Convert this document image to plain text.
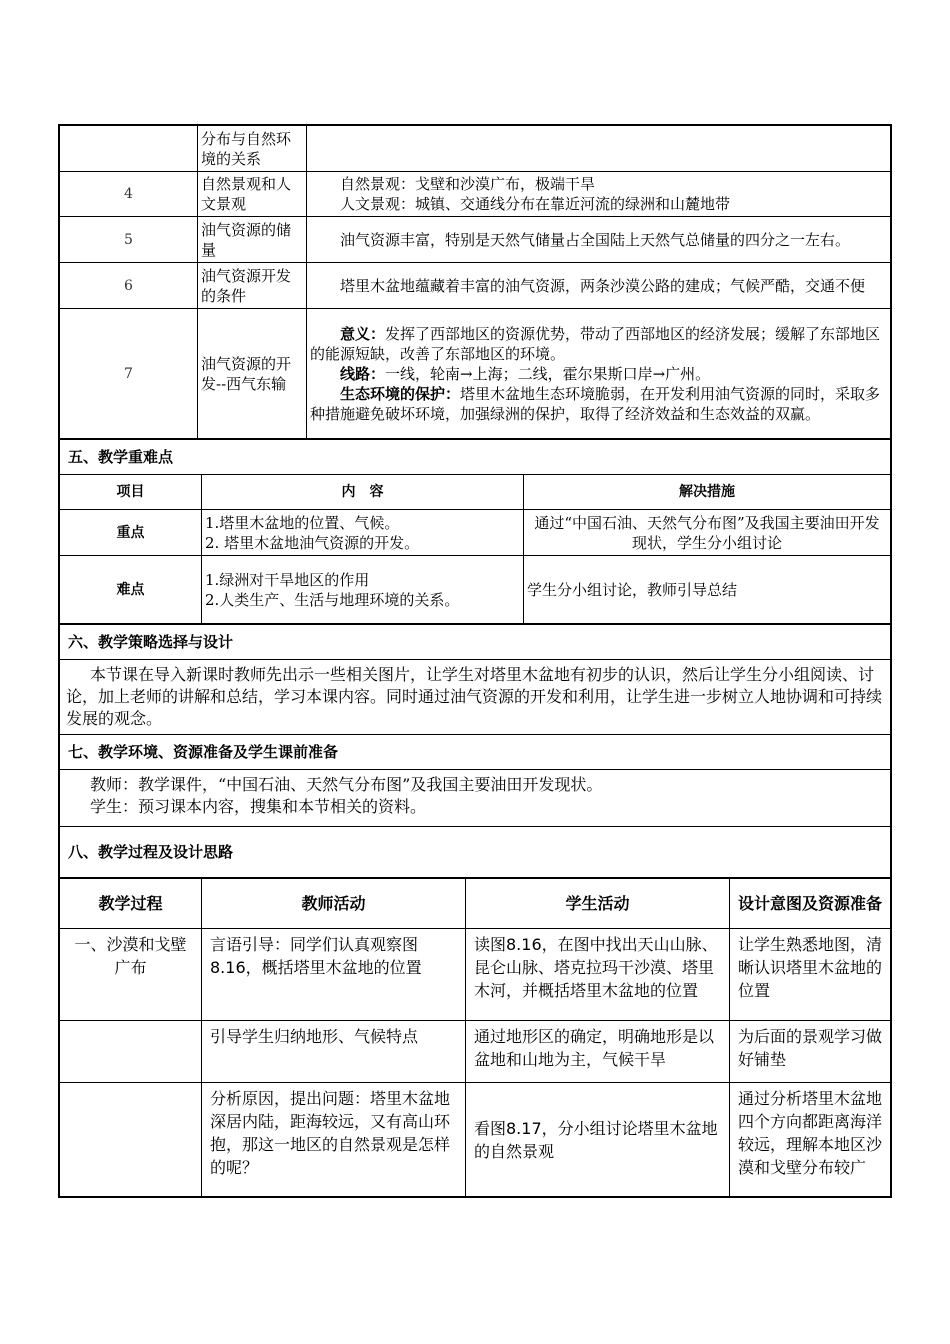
	分布与自然环境的关系	
4	自然景观和人文景观	自然景观：戈壁和沙漠广布，极端干旱
人文景观：城镇、交通线分布在靠近河流的绿洲和山麓地带

5	油气资源的储量	油气资源丰富，特别是天然气储量占全国陆上天然气总储量的四分之一左右。
6	油气资源开发的条件	塔里木盆地蕴藏着丰富的油气资源，两条沙漠公路的建成；气候严酷，交通不便
7	油气资源的开发--西气东输	意义：发挥了西部地区的资源优势，带动了西部地区的经济发展；缓解了东部地区的能源短缺，改善了东部地区的环境。
线路：一线，轮南→上海；二线，霍尔果斯口岸→广州。
生态环境的保护：塔里木盆地生态环境脆弱，在开发利用油气资源的同时，采取多种措施避免破坏环境，加强绿洲的保护，取得了经济效益和生态效益的双赢。
五、教学重难点		
项目	内　容	解决措施
重点	1.塔里木盆地的位置、气候。
2. 塔里木盆地油气资源的开发。	通过“中国石油、天然气分布图”及我国主要油田开发现状，学生分小组讨论
难点	1.绿洲对干旱地区的作用
2.人类生产、生活与地理环境的关系。	学生分小组讨论，教师引导总结
六、教学策略选择与设计
本节课在导入新课时教师先出示一些相关图片，让学生对塔里木盆地有初步的认识，然后让学生分小组阅读、讨论，加上老师的讲解和总结，学习本课内容。同时通过油气资源的开发和利用，让学生进一步树立人地协调和可持续发展的观念。
七、教学环境、资源准备及学生课前准备

教师：教学课件，“中国石油、天然气分布图”及我国主要油田开发现状。
学生：预习课本内容，搜集和本节相关的资料。

八、教学过程及设计思路
教学过程	教师活动	学生活动	设计意图及资源准备
一、沙漠和戈壁广布	言语引导：同学们认真观察图8.16，概括塔里木盆地的位置	读图8.16，在图中找出天山山脉、昆仑山脉、塔克拉玛干沙漠、塔里木河，并概括塔里木盆地的位置	让学生熟悉地图，清晰认识塔里木盆地的位置
	引导学生归纳地形、气候特点	通过地形区的确定，明确地形是以盆地和山地为主，气候干旱	为后面的景观学习做好铺垫
	分析原因，提出问题：塔里木盆地深居内陆，距海较远，又有高山环抱，那这一地区的自然景观是怎样的呢？	看图8.17，分小组讨论塔里木盆地的自然景观	通过分析塔里木盆地四个方向都距离海洋较远，理解本地区沙漠和戈壁分布较广
